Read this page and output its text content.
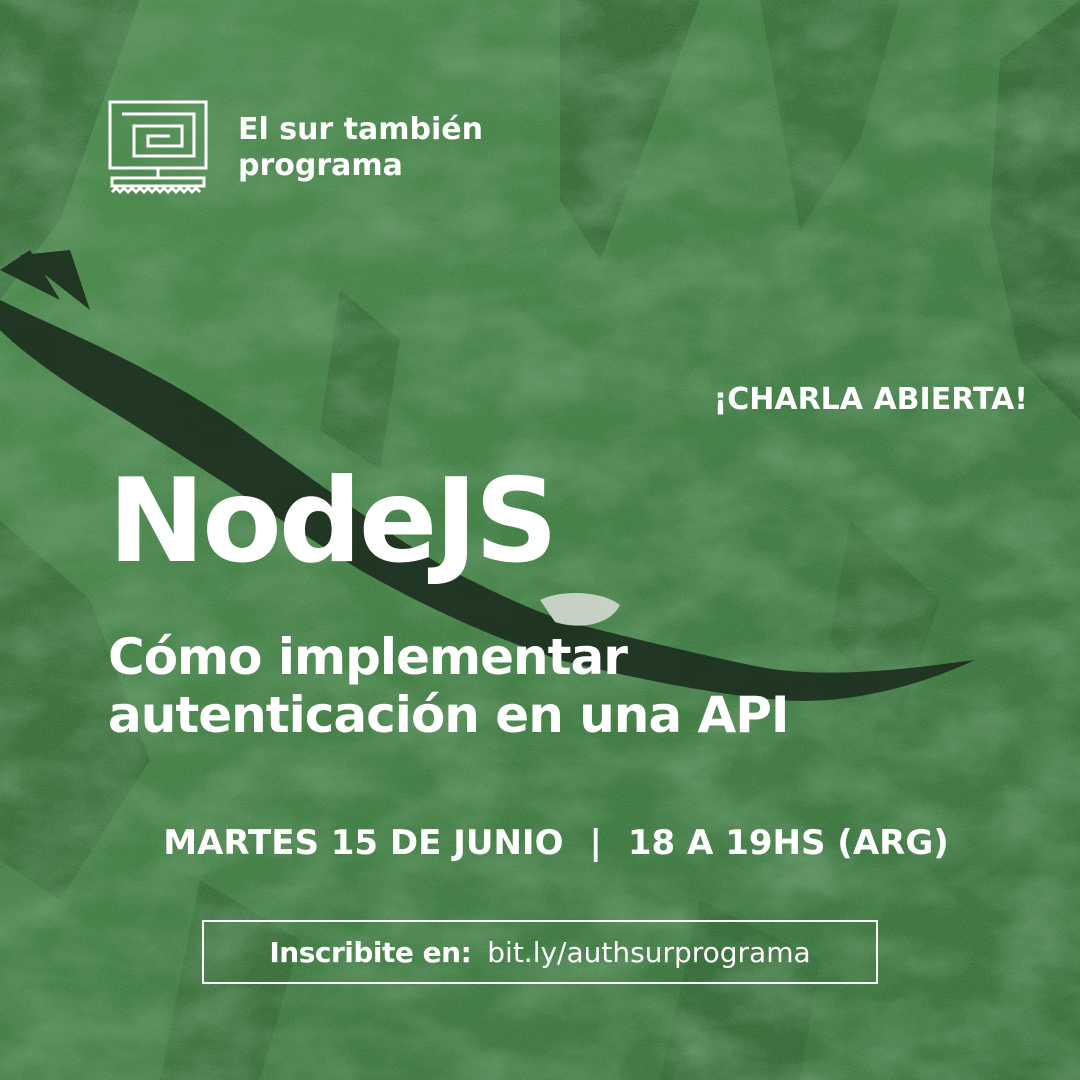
El sur también
programa

¡CHARLA ABIERTA!

NodeJS
Cómo implementar
autenticación en una API
MARTES 15 DE JUNIO | 18 A 19HS (ARG)
Inscribite en: bit.ly/authsurprograma
